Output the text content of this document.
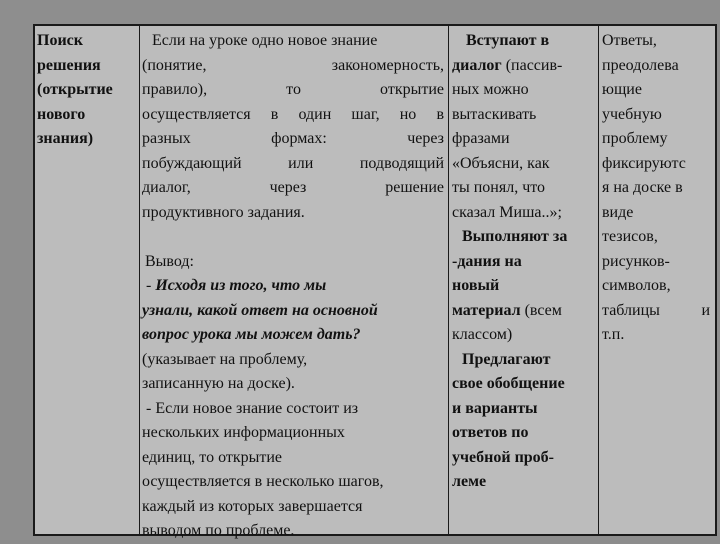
Поиск
решения
(открытие
нового
знания)
Если на уроке одно новое знание
(понятие, закономерность,
правило), то открытие
осуществляется в один шаг, но в
разных формах: через
побуждающий или подводящий
диалог, через решение
продуктивного задания.
Вывод:
- Исходя из того, что мы
узнали, какой ответ на основной
вопрос урока мы можем дать?
(указывает на проблему,
записанную на доске).
- Если новое знание состоит из
нескольких информационных
единиц, то открытие
осуществляется в несколько шагов,
каждый из которых завершается
выводом по проблеме.
Вступают в
диалог (пассив-
ных можно
вытаскивать
фразами
«Объясни, как
ты понял, что
сказал Миша..»;
Выполняют за
-дания на
новый
материал (всем
классом)
Предлагают
свое обобщение
и варианты
ответов по
учебной проб-
леме
Ответы,
преодолева
ющие
учебную
проблему
фиксируютс
я на доске в
виде
тезисов,
рисунков-
символов,
таблицы и
т.п.
